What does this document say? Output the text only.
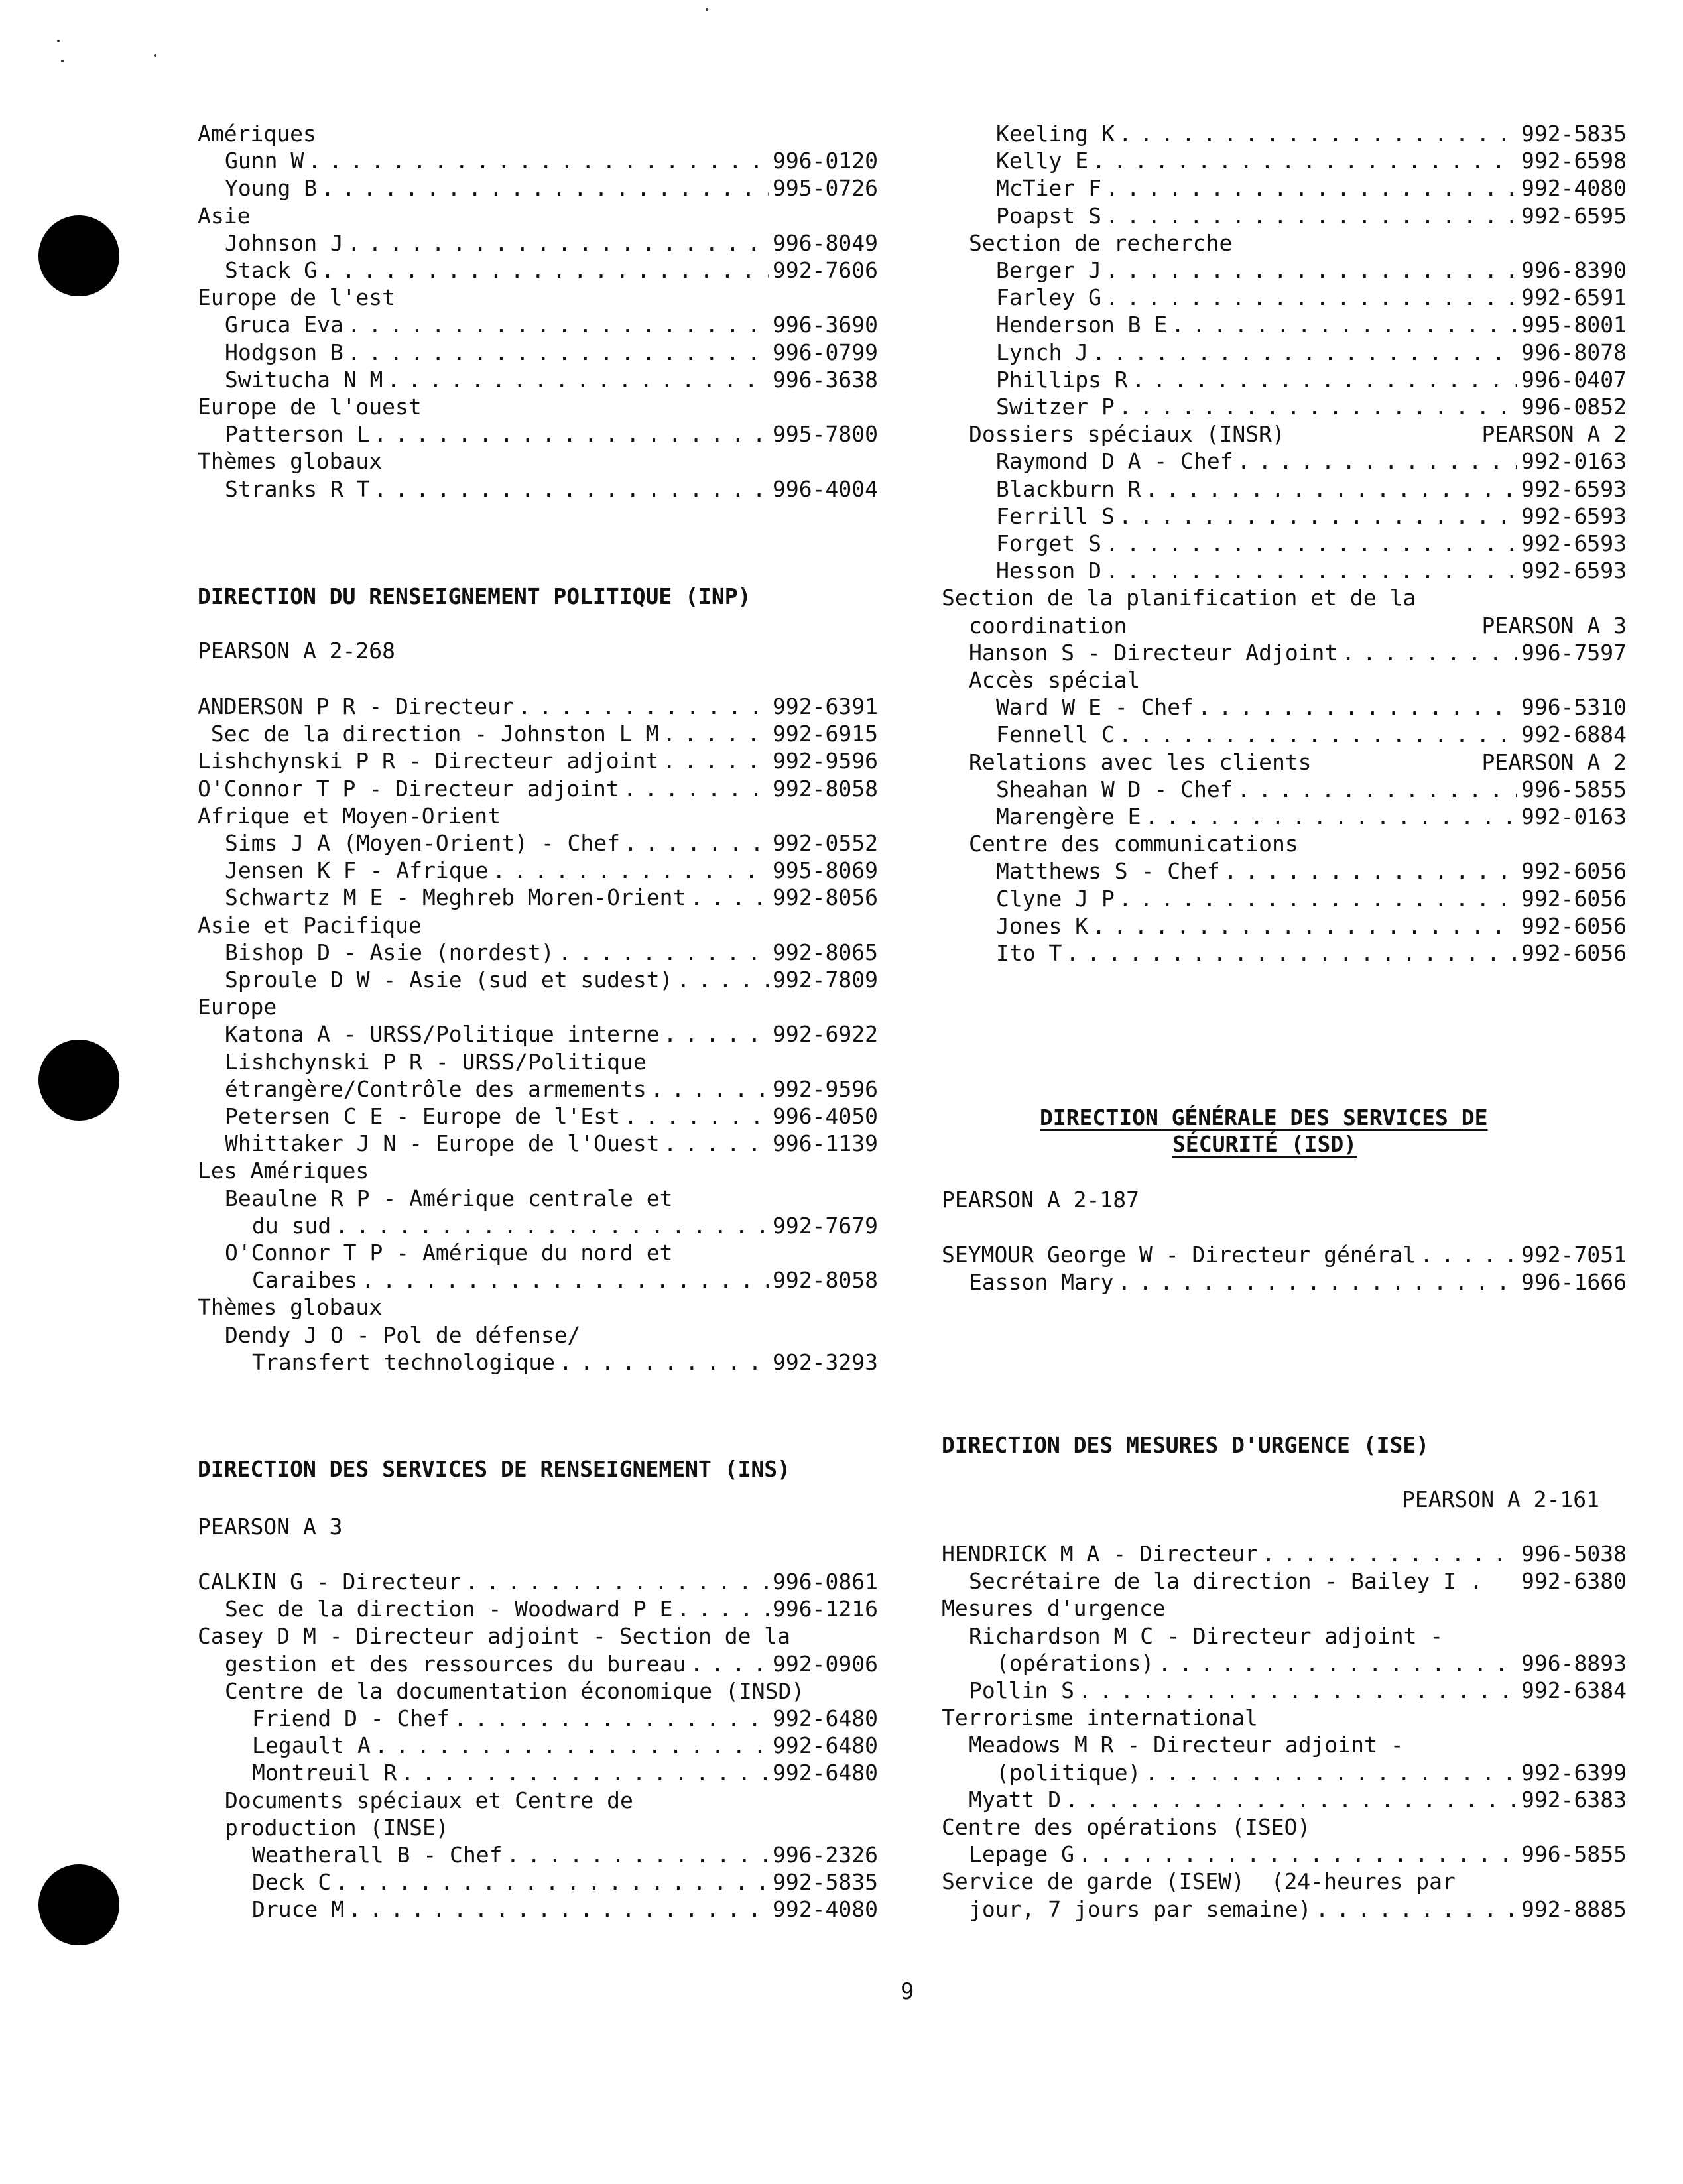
Amériques
Gunn W . . .	996-0120
Young B . . .	995-0726
Asie
Johnson J . . .	996-8049
Stack G . . .	992-7606
Europe de l'est
Gruca Eva . . .	996-3690
Hodgson B . . .	996-0799
Switucha N M . . .	996-3638
Europe de l'ouest
Patterson L . . .	995-7800
Thèmes globaux
Stranks R T . . .	996-4004
DIRECTION DU RENSEIGNEMENT POLITIQUE (INP)
PEARSON A 2-268
ANDERSON P R - Directeur . . .	992-6391
Sec de la direction - Johnston L M . . .	992-6915
Lishchynski P R - Directeur adjoint . . .	992-9596
O'Connor T P - Directeur adjoint . . .	992-8058
Afrique et Moyen-Orient
Sims J A (Moyen-Orient) - Chef . . .	992-0552
Jensen K F - Afrique . . .	995-8069
Schwartz M E - Meghreb Moren-Orient . . .	992-8056
Asie et Pacifique
Bishop D - Asie (nordest) . . .	992-8065
Sproule D W - Asie (sud et sudest) . . .	992-7809
Europe
Katona A - URSS/Politique interne . . .	992-6922
Lishchynski P R - URSS/Politique
étrangère/Contrôle des armements . . .	992-9596
Petersen C E - Europe de l'Est . . .	996-4050
Whittaker J N - Europe de l'Ouest . . .	996-1139
Les Amériques
Beaulne R P - Amérique centrale et
du sud . . .	992-7679
O'Connor T P - Amérique du nord et
Caraibes . . .	992-8058
Thèmes globaux
Dendy J O - Pol de défense/
Transfert technologique . . .	992-3293
DIRECTION DES SERVICES DE RENSEIGNEMENT (INS)
PEARSON A 3
CALKIN G - Directeur . . .	996-0861
Sec de la direction - Woodward P E . . .	996-1216
Casey D M - Directeur adjoint - Section de la
gestion et des ressources du bureau . . .	992-0906
Centre de la documentation économique (INSD)
Friend D - Chef . . .	992-6480
Legault A . . .	992-6480
Montreuil R . . .	992-6480
Documents spéciaux et Centre de
production (INSE)
Weatherall B - Chef . . .	996-2326
Deck C . . .	992-5835
Druce M . . .	992-4080
Keeling K . . .	992-5835
Kelly E . . .	992-6598
McTier F . . .	992-4080
Poapst S . . .	992-6595
Section de recherche
Berger J . . .	996-8390
Farley G . . .	992-6591
Henderson B E . . .	995-8001
Lynch J . . .	996-8078
Phillips R . . .	996-0407
Switzer P . . .	996-0852
Dossiers spéciaux (INSR)	PEARSON A 2
Raymond D A - Chef . . .	992-0163
Blackburn R . . .	992-6593
Ferrill S . . .	992-6593
Forget S . . .	992-6593
Hesson D . . .	992-6593
Section de la planification et de la
coordination	PEARSON A 3
Hanson S - Directeur Adjoint . . .	996-7597
Accès spécial
Ward W E - Chef . . .	996-5310
Fennell C . . .	992-6884
Relations avec les clients	PEARSON A 2
Sheahan W D - Chef . . .	996-5855
Marengère E . . .	992-0163
Centre des communications
Matthews S - Chef . . .	992-6056
Clyne J P . . .	992-6056
Jones K . . .	992-6056
Ito T . . .	992-6056
DIRECTION GÉNÉRALE DES SERVICES DE
SÉCURITÉ (ISD)
PEARSON A 2-187
SEYMOUR George W - Directeur général . . .	992-7051
Easson Mary . . .	996-1666
DIRECTION DES MESURES D'URGENCE (ISE)
PEARSON A 2-161
HENDRICK M A - Directeur . . .	996-5038
Secrétaire de la direction - Bailey I . 992-6380
Mesures d'urgence
Richardson M C - Directeur adjoint -
(opérations) . . .	996-8893
Pollin S . . .	992-6384
Terrorisme international
Meadows M R - Directeur adjoint -
(politique) . . .	992-6399
Myatt D . . .	992-6383
Centre des opérations (ISEO)
Lepage G . . .	996-5855
Service de garde (ISEW)  (24-heures par
jour, 7 jours par semaine) . . .	992-8885
9
